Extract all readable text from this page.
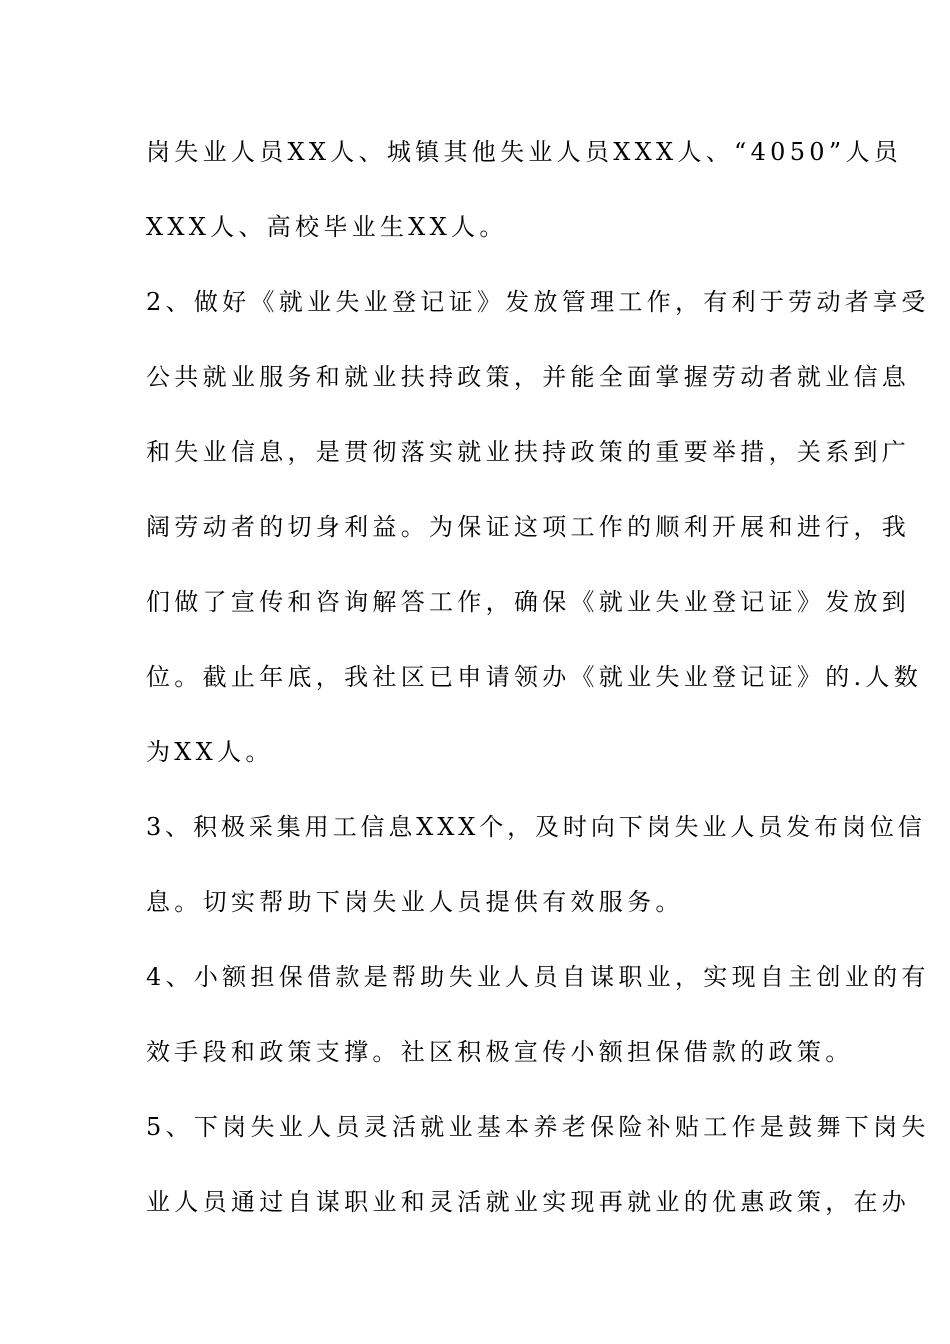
岗失业人员XX人、城镇其他失业人员XXX人、“4050”人员
XXX人、高校毕业生XX人。
2、做好《就业失业登记证》发放管理工作，有利于劳动者享受
公共就业服务和就业扶持政策，并能全面掌握劳动者就业信息
和失业信息，是贯彻落实就业扶持政策的重要举措，关系到广
阔劳动者的切身利益。为保证这项工作的顺利开展和进行，我
们做了宣传和咨询解答工作，确保《就业失业登记证》发放到
位。截止年底，我社区已申请领办《就业失业登记证》的.人数
为XX人。
3、积极采集用工信息XXX个，及时向下岗失业人员发布岗位信
息。切实帮助下岗失业人员提供有效服务。
4、小额担保借款是帮助失业人员自谋职业，实现自主创业的有
效手段和政策支撑。社区积极宣传小额担保借款的政策。
5、下岗失业人员灵活就业基本养老保险补贴工作是鼓舞下岗失
业人员通过自谋职业和灵活就业实现再就业的优惠政策，在办
